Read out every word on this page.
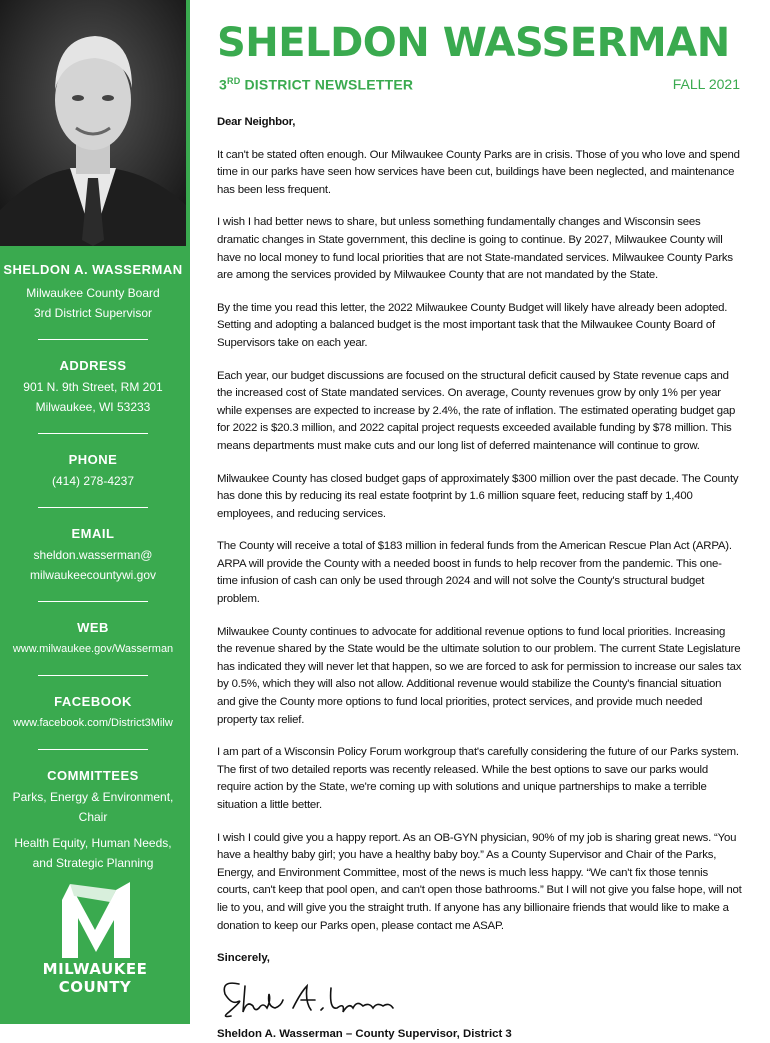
SHELDON A. WASSERMAN
Milwaukee County Board
3rd District Supervisor
ADDRESS
901 N. 9th Street, RM 201
Milwaukee, WI 53233
PHONE
(414) 278-4237
EMAIL
sheldon.wasserman@
milwaukeecountywi.gov
WEB
www.milwaukee.gov/Wasserman
FACEBOOK
www.facebook.com/District3Milw
COMMITTEES
Parks, Energy & Environment,
Chair
Health Equity, Human Needs,
and Strategic Planning
MILWAUKEE
COUNTY
SHELDON WASSERMAN
3RD DISTRICT NEWSLETTER	FALL 2021

Dear Neighbor,

It can't be stated often enough. Our Milwaukee County Parks are in crisis. Those of you who love and spend time in our parks have seen how services have been cut, buildings have been neglected, and maintenance has been less frequent.

I wish I had better news to share, but unless something fundamentally changes and Wisconsin sees dramatic changes in State government, this decline is going to continue. By 2027, Milwaukee County will have no local money to fund local priorities that are not State-mandated services. Milwaukee County Parks are among the services provided by Milwaukee County that are not mandated by the State.

By the time you read this letter, the 2022 Milwaukee County Budget will likely have already been adopted. Setting and adopting a balanced budget is the most important task that the Milwaukee County Board of Supervisors take on each year.

Each year, our budget discussions are focused on the structural deficit caused by State revenue caps and the increased cost of State mandated services. On average, County revenues grow by only 1% per year while expenses are expected to increase by 2.4%, the rate of inflation. The estimated operating budget gap for 2022 is $20.3 million, and 2022 capital project requests exceeded available funding by $78 million. This means departments must make cuts and our long list of deferred maintenance will continue to grow.

Milwaukee County has closed budget gaps of approximately $300 million over the past decade. The County has done this by reducing its real estate footprint by 1.6 million square feet, reducing staff by 1,400 employees, and reducing services.

The County will receive a total of $183 million in federal funds from the American Rescue Plan Act (ARPA). ARPA will provide the County with a needed boost in funds to help recover from the pandemic. This one-time infusion of cash can only be used through 2024 and will not solve the County's structural budget problem.

Milwaukee County continues to advocate for additional revenue options to fund local priorities. Increasing the revenue shared by the State would be the ultimate solution to our problem. The current State Legislature has indicated they will never let that happen, so we are forced to ask for permission to increase our sales tax by 0.5%, which they will also not allow. Additional revenue would stabilize the County's financial situation and give the County more options to fund local priorities, protect services, and provide much needed property tax relief.

I am part of a Wisconsin Policy Forum workgroup that's carefully considering the future of our Parks system. The first of two detailed reports was recently released. While the best options to save our parks would require action by the State, we're coming up with solutions and unique partnerships to make a terrible situation a little better.

I wish I could give you a happy report. As an OB-GYN physician, 90% of my job is sharing great news. “You have a healthy baby girl; you have a healthy baby boy.” As a County Supervisor and Chair of the Parks, Energy, and Environment Committee, most of the news is much less happy. “We can't fix those tennis courts, can't keep that pool open, and can't open those bathrooms.” But I will not give you false hope, will not lie to you, and will give you the straight truth. If anyone has any billionaire friends that would like to make a donation to keep our Parks open, please contact me ASAP.

Sincerely,
Sheldon A. Wasserman – County Supervisor, District 3
